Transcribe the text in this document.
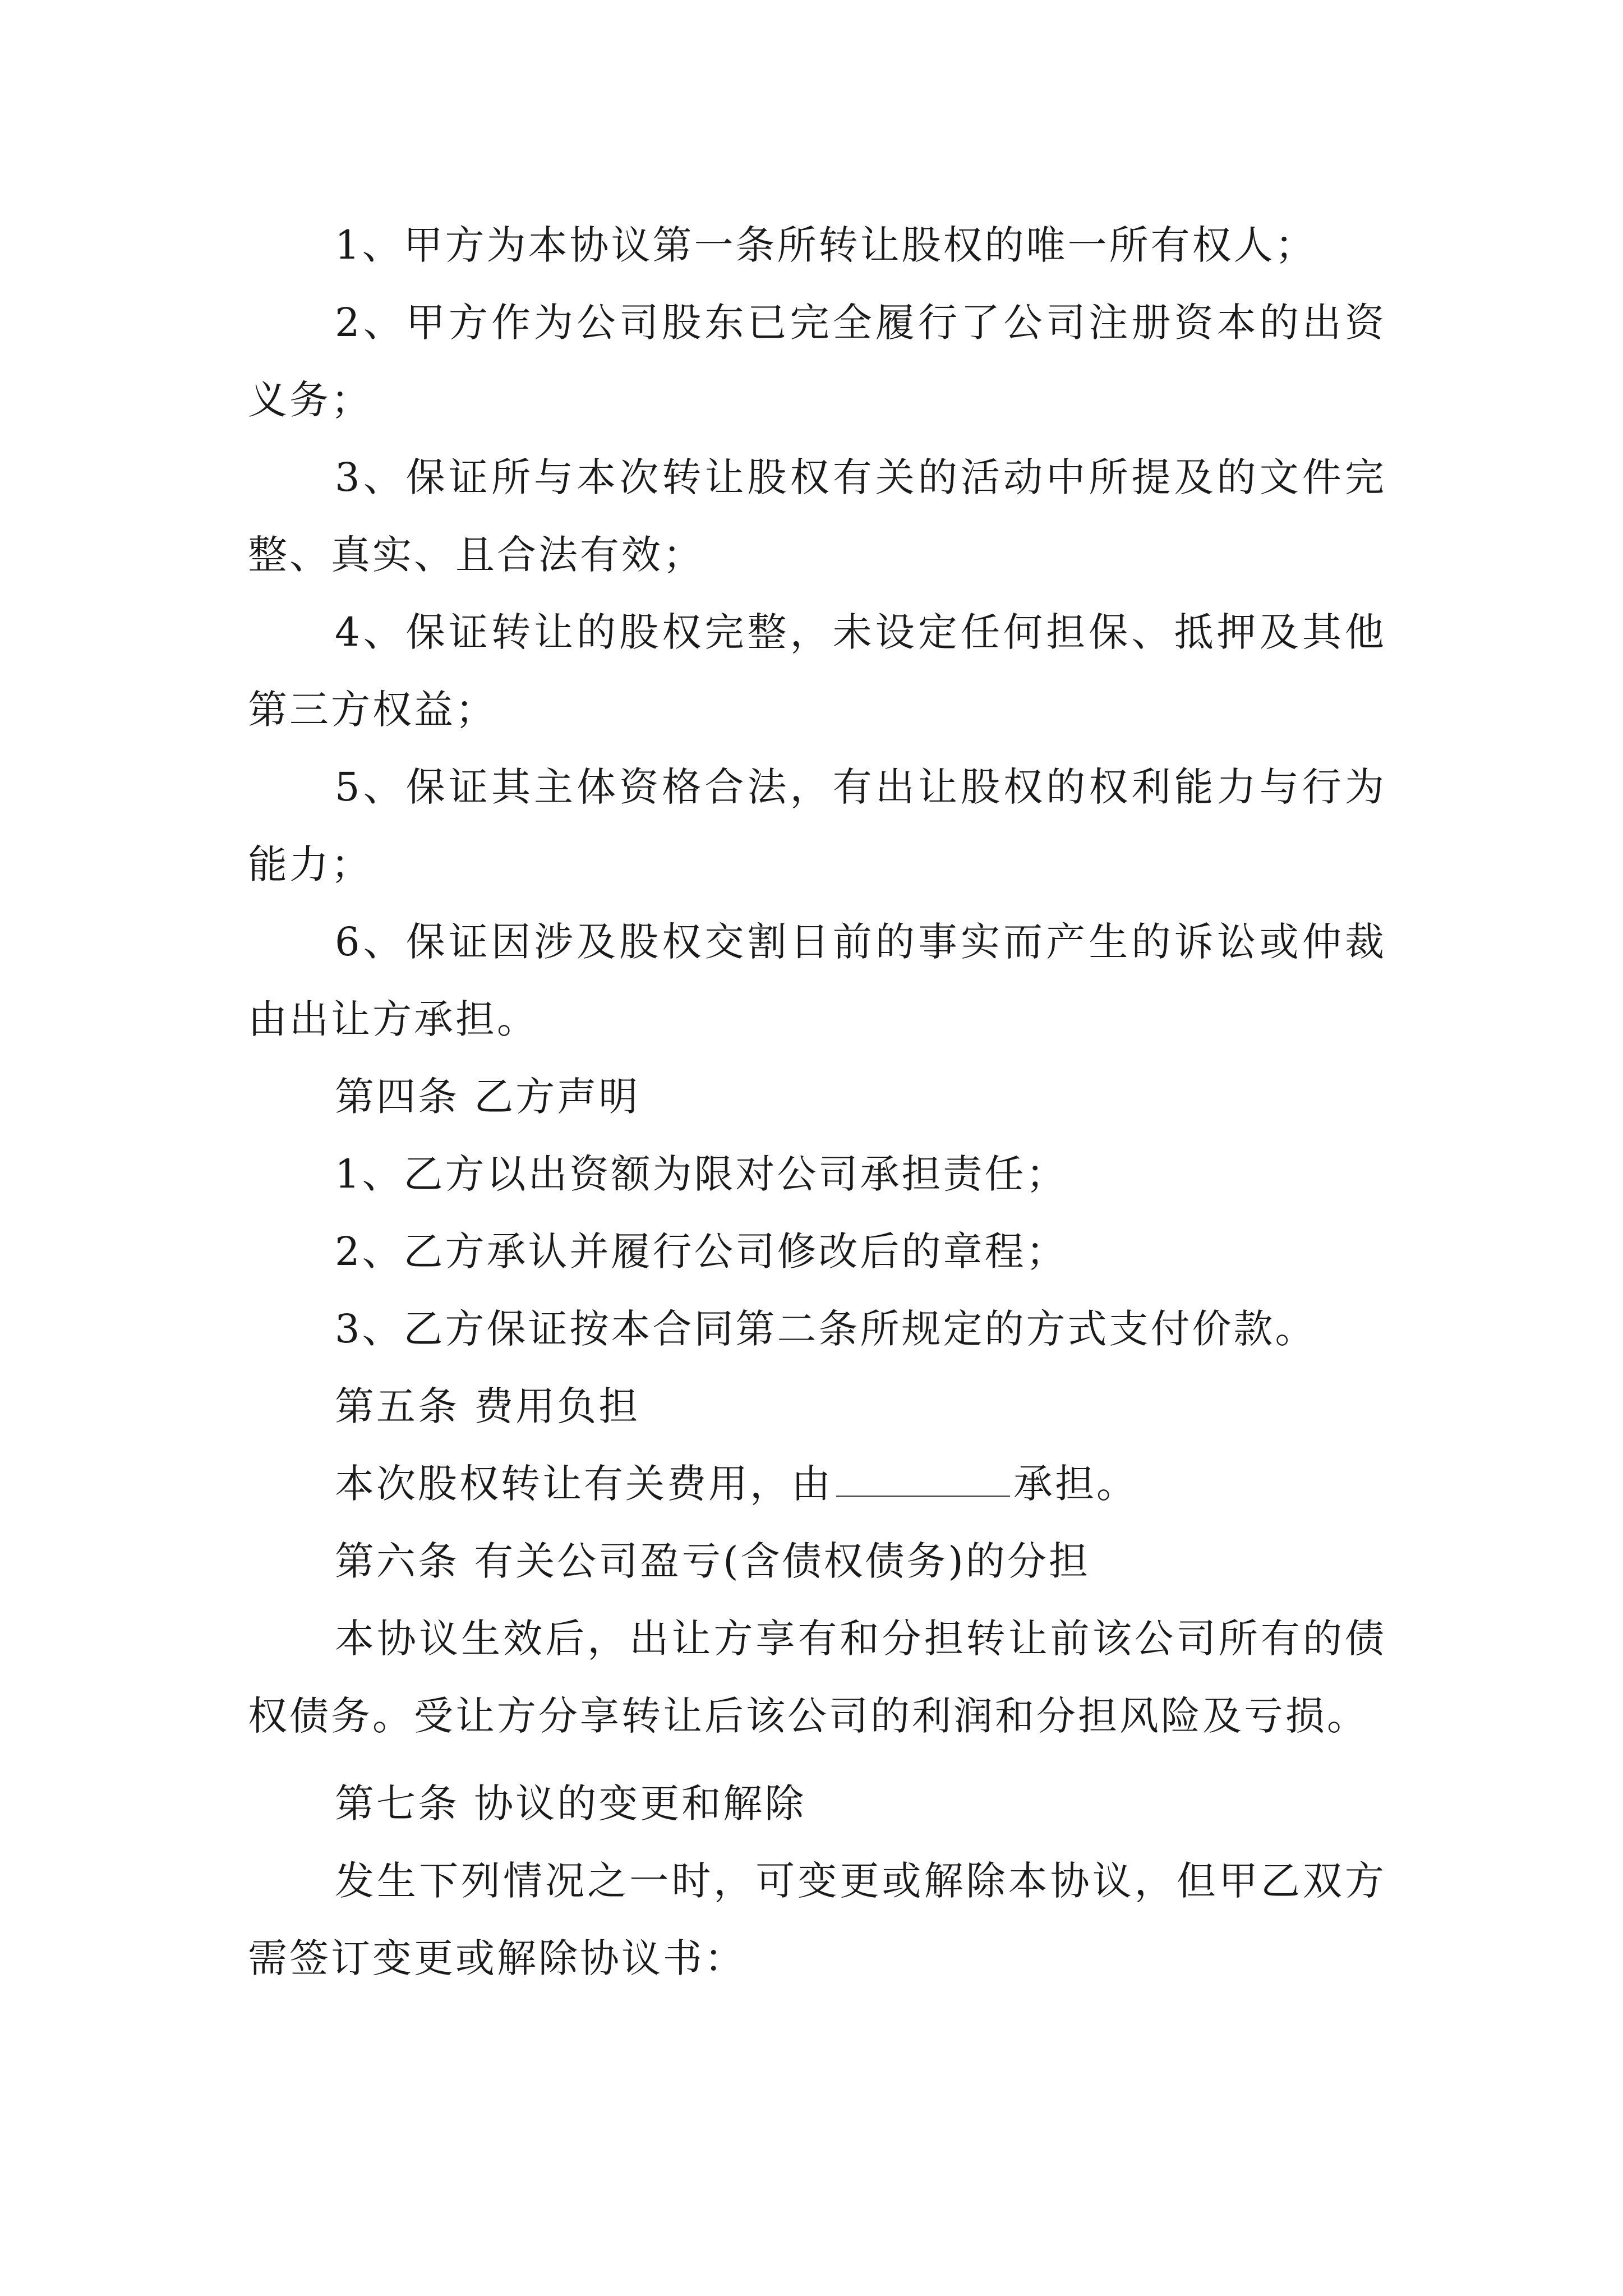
1、甲方为本协议第一条所转让股权的唯一所有权人；

2、甲方作为公司股东已完全履行了公司注册资本的出资义务；

3、保证所与本次转让股权有关的活动中所提及的文件完整、真实、且合法有效；

4、保证转让的股权完整，未设定任何担保、抵押及其他第三方权益；

5、保证其主体资格合法，有出让股权的权利能力与行为能力；

6、保证因涉及股权交割日前的事实而产生的诉讼或仲裁由出让方承担。

第四条 乙方声明

1、乙方以出资额为限对公司承担责任；

2、乙方承认并履行公司修改后的章程；

3、乙方保证按本合同第二条所规定的方式支付价款。

第五条 费用负担

本次股权转让有关费用，由	承担。

第六条 有关公司盈亏(含债权债务)的分担

本协议生效后，出让方享有和分担转让前该公司所有的债权债务。受让方分享转让后该公司的利润和分担风险及亏损。

第七条 协议的变更和解除

发生下列情况之一时，可变更或解除本协议，但甲乙双方需签订变更或解除协议书：
